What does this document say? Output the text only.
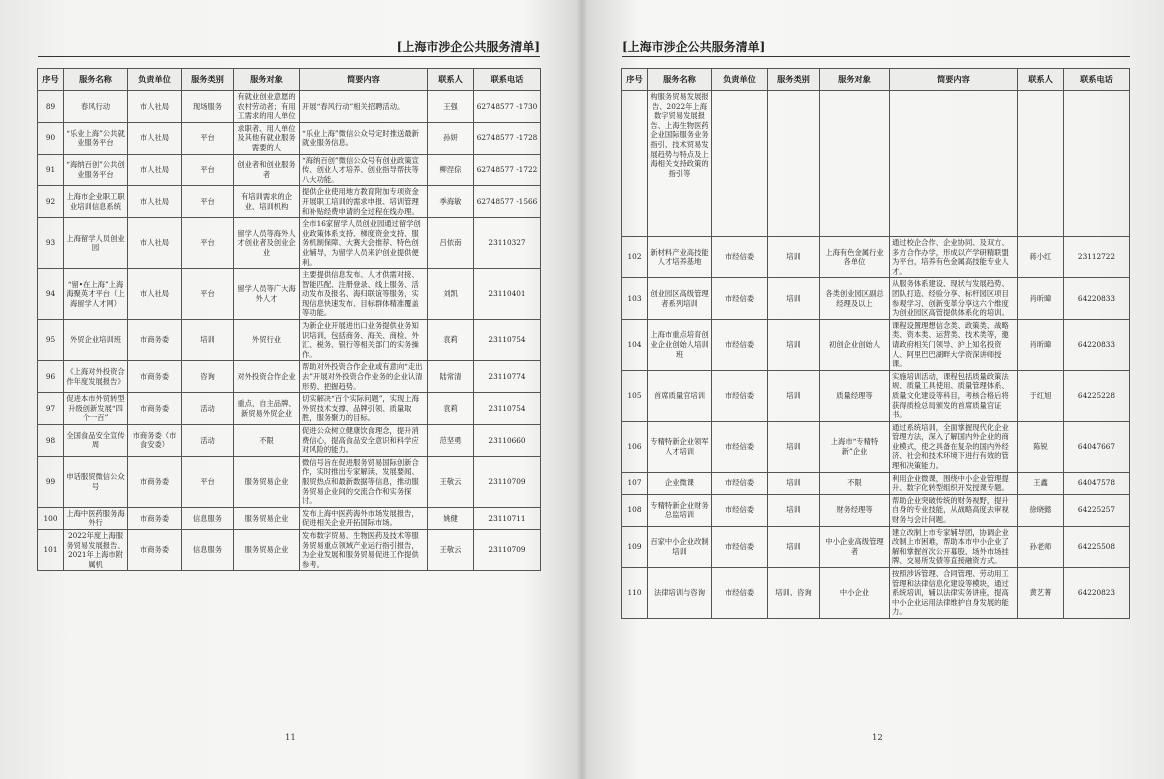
[上海市涉企公共服务清单]
序号	服务名称	负责单位	服务类别	服务对象	简要内容	联系人	联系电话
89	春风行动	市人社局	现场服务	有就业创业意愿的农村劳动者；有用工需求的用人单位	开展“春风行动”相关招聘活动。	王强	62748577 -1730
90	“乐业上海”公共就业服务平台	市人社局	平台	求职者、用人单位及其他有就业服务需要的人	“乐业上海”微信公众号定时推送最新就业服务信息。	孙妍	62748577 -1728
91	“海纳百创”公共创业服务平台	市人社局	平台	创业者和创业服务者	“海纳百创”微信公众号有创业政策宣传、创业人才培养、创业指导帮扶等八大功能。	柳涅倧	62748577 -1722
92	上海市企业职工职业培训信息系统	市人社局	平台	有培训需求的企业、培训机构	提供企业使用地方教育附加专项资金开展职工培训的需求申报、培训管理和补贴经费申请的全过程在线办理。	季海敏	62748577 -1566
93	上海留学人员创业园	市人社局	平台	留学人员等海外人才创业者及创业企业	全市16家留学人员创业园通过留学创业政策体系支持、梯度资金支持、服务机制保障、大赛大会推荐、特色创业辅导，为留学人员来沪创业提供便利。	吕依南	23110327
94	“留•在上海”上海海聚英才平台（上海留学人才网）	市人社局	平台	留学人员等广大海外人才	主要提供信息发布、人才供需对接、智能匹配、注册登录、线上服务、活动发布及报名、海归联谊等服务，实现信息快速发布、目标群体精准覆盖等功能。	刘凯	23110401
95	外贸企业培训班	市商务委	培训	外贸行业	为新企业开展进出口业务提供业务知识培训，包括商务、海关、商检、外汇、税务、银行等相关部门的实务操作。	袁莉	23110754
96	《上海对外投资合作年度发展报告》	市商务委	咨询	对外投资合作企业	帮助对外投资合作企业或有意向“走出去”开展对外投资合作业务的企业认清形势、把握趋势。	陆常清	23110774
97	促进本市外贸转型升级创新发展“四个一百”	市商务委	活动	重点、自主品牌、新贸易外贸企业	切实解决“百个实际问题”，实现上海外贸技术支撑、品牌引领、质量取胜，服务聚力的目标。	袁莉	23110754
98	全国食品安全宣传周	市商务委（市食安委）	活动	不限	促进公众树立健康饮食理念，提升消费信心，提高食品安全意识和科学应对风险的能力。	范坚勇	23110660
99	申话服贸微信公众号	市商务委	平台	服务贸易企业	微信号旨在促进服务贸易国际创新合作，实时推出专家解读、发展要闻、服贸热点和最新数据等信息，推动服务贸易企业间的交流合作和实务探讨。	王敬云	23110709
100	上海中医药服务海外行	市商务委	信息服务	服务贸易企业	发布上海中医药海外市场发展报告，促进相关企业开拓国际市场。	姚健	23110711
101	2022年度上海服务贸易发展报告、2021年上海市附属机	市商务委	信息服务	服务贸易企业	发布数字贸易、生物医药及技术等服务贸易重点领域产业运行指引报告，为企业发展和服务贸易促进工作提供参考。	王敬云	23110709
11
[上海市涉企公共服务清单]
序号	服务名称	负责单位	服务类别	服务对象	简要内容	联系人	联系电话
	构服务贸易发展报告、2022年上海数字贸易发展报告、上海生物医药企业国际服务业务指引、技术贸易发展趋势与特点及上海相关支持政策的指引等						
102	新材料产业高技能人才培养基地	市经信委	培训	上海有色金属行业各单位	通过校企合作、企业协同、及双方、多方合作办学，形成以产学研精联盟为平台，培养有色金属高技能专业人才。	蒋小红	23112722
103	创业园区高级管理者系列培训	市经信委	培训	各类创业园区副总经理及以上	从服务体系建设、现状与发展趋势、团队打造、经验分享、标杆园区项目参观学习、创新变革分享这六个维度为创业园区高管提供体系化的培训。	肖昕暐	64220833
104	上海市重点培育创业企业创始人培训班	市经信委	培训	初创企业创始人	课程设置理想信念类、政策类、战略类、资本类、运营类、技术类等，邀请政府相关门领导、沪上知名投资人、阿里巴巴湖畔大学资深讲师授课。	肖昕暐	64220833
105	首席质量官培训	市经信委	培训	质量经理等	实施培训活动，课程包括质量政策法规、质量工具使用、质量管理体系、质量文化建设等科目，考核合格后将获得质检总局颁发的首席质量官证书。	于红旭	64225228
106	专精特新企业领军人才培训	市经信委	培训	上海市“专精特新”企业	通过系统培训，全面掌握现代化企业管理方法，深入了解国内外企业的商业模式，使之具备在复杂的国内外经济、社会和技术环境下进行有效的管理和决策能力。	陈锐	64047667
107	企业微课	市经信委	培训	不限	利用企业微课，围绕中小企业管理提升、数字化转型组织开发授课专题。	王鑫	64047578
108	专精特新企业财务总监培训	市经信委	培训	财务经理等	帮助企业突破传统的财务视野，提升自身的专业技能，从战略高度去审视财务与会计问题。	徐晓懿	64225257
109	百家中小企业改制培训	市经信委	培训	中小企业高级管理者	建立改制上市专家辅导团，协调企业改制上市困难，帮助本市中小企业了解和掌握首次公开募股、场外市场挂牌、交易所发债等直接融资方式。	孙老师	64225508
110	法律培训与咨询	市经信委	培训、咨询	中小企业	按照涉诉管理、合同管理、劳动用工管理和法律信息化建设等模块，通过系统培训，辅以法律实务讲座，提高中小企业运用法律维护自身发展的能力。	黄艺菁	64220823
12
